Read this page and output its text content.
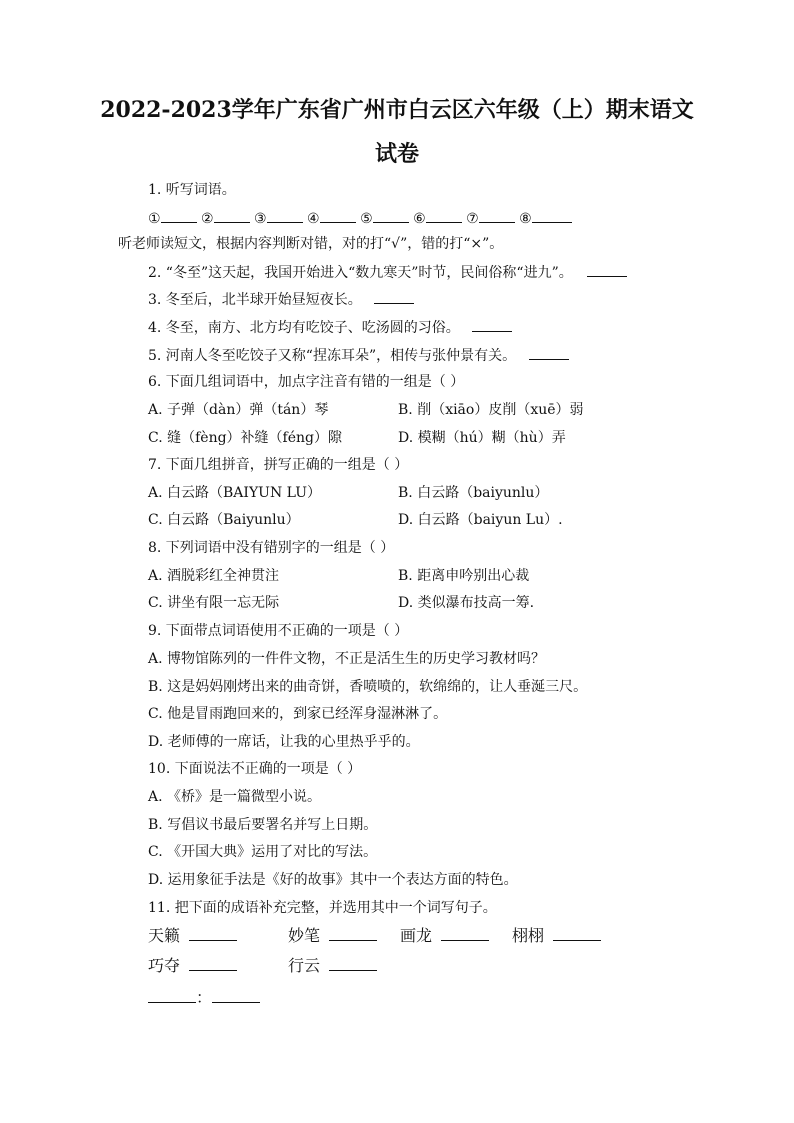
2022-2023学年广东省广州市白云区六年级（上）期末语文
试卷
1. 听写词语。
①	②	③	④	⑤	⑥	⑦	⑧
听老师读短文，根据内容判断对错，对的打“√”，错的打“×”。
2. “冬至”这天起，我国开始进入“数九寒天”时节，民间俗称“进九”。
3. 冬至后，北半球开始昼短夜长。
4. 冬至，南方、北方均有吃饺子、吃汤圆的习俗。
5. 河南人冬至吃饺子又称“捏冻耳朵”，相传与张仲景有关。
6. 下面几组词语中，加点字注音有错的一组是（ ）
A. 子弹（dàn）弹（tán）琴	B. 削（xiāo）皮削（xuē）弱
C. 缝（fèng）补缝（féng）隙	D. 模糊（hú）糊（hù）弄
7. 下面几组拼音，拼写正确的一组是（ ）
A. 白云路（BAIYUN LU）	B. 白云路（baiyunlu）
C. 白云路（Baiyunlu）	D. 白云路（baiyun Lu）.
8. 下列词语中没有错别字的一组是（ ）
A. 酒脱彩红全神贯注	B. 距离申吟别出心裁
C. 讲坐有限一忘无际	D. 类似瀑布技高一筹.
9. 下面带点词语使用不正确的一项是（ ）
A. 博物馆陈列的一件件文物，不正是活生生的历史学习教材吗？
B. 这是妈妈刚烤出来的曲奇饼，香喷喷的，软绵绵的，让人垂涎三尺。
C. 他是冒雨跑回来的，到家已经浑身湿淋淋了。
D. 老师傅的一席话，让我的心里热乎乎的。
10. 下面说法不正确的一项是（ ）
A. 《桥》是一篇微型小说。
B. 写倡议书最后要署名并写上日期。
C. 《开国大典》运用了对比的写法。
D. 运用象征手法是《好的故事》其中一个表达方面的特色。
11. 把下面的成语补充完整，并选用其中一个词写句子。
天籁	妙笔	画龙	栩栩
巧夺	行云
：
